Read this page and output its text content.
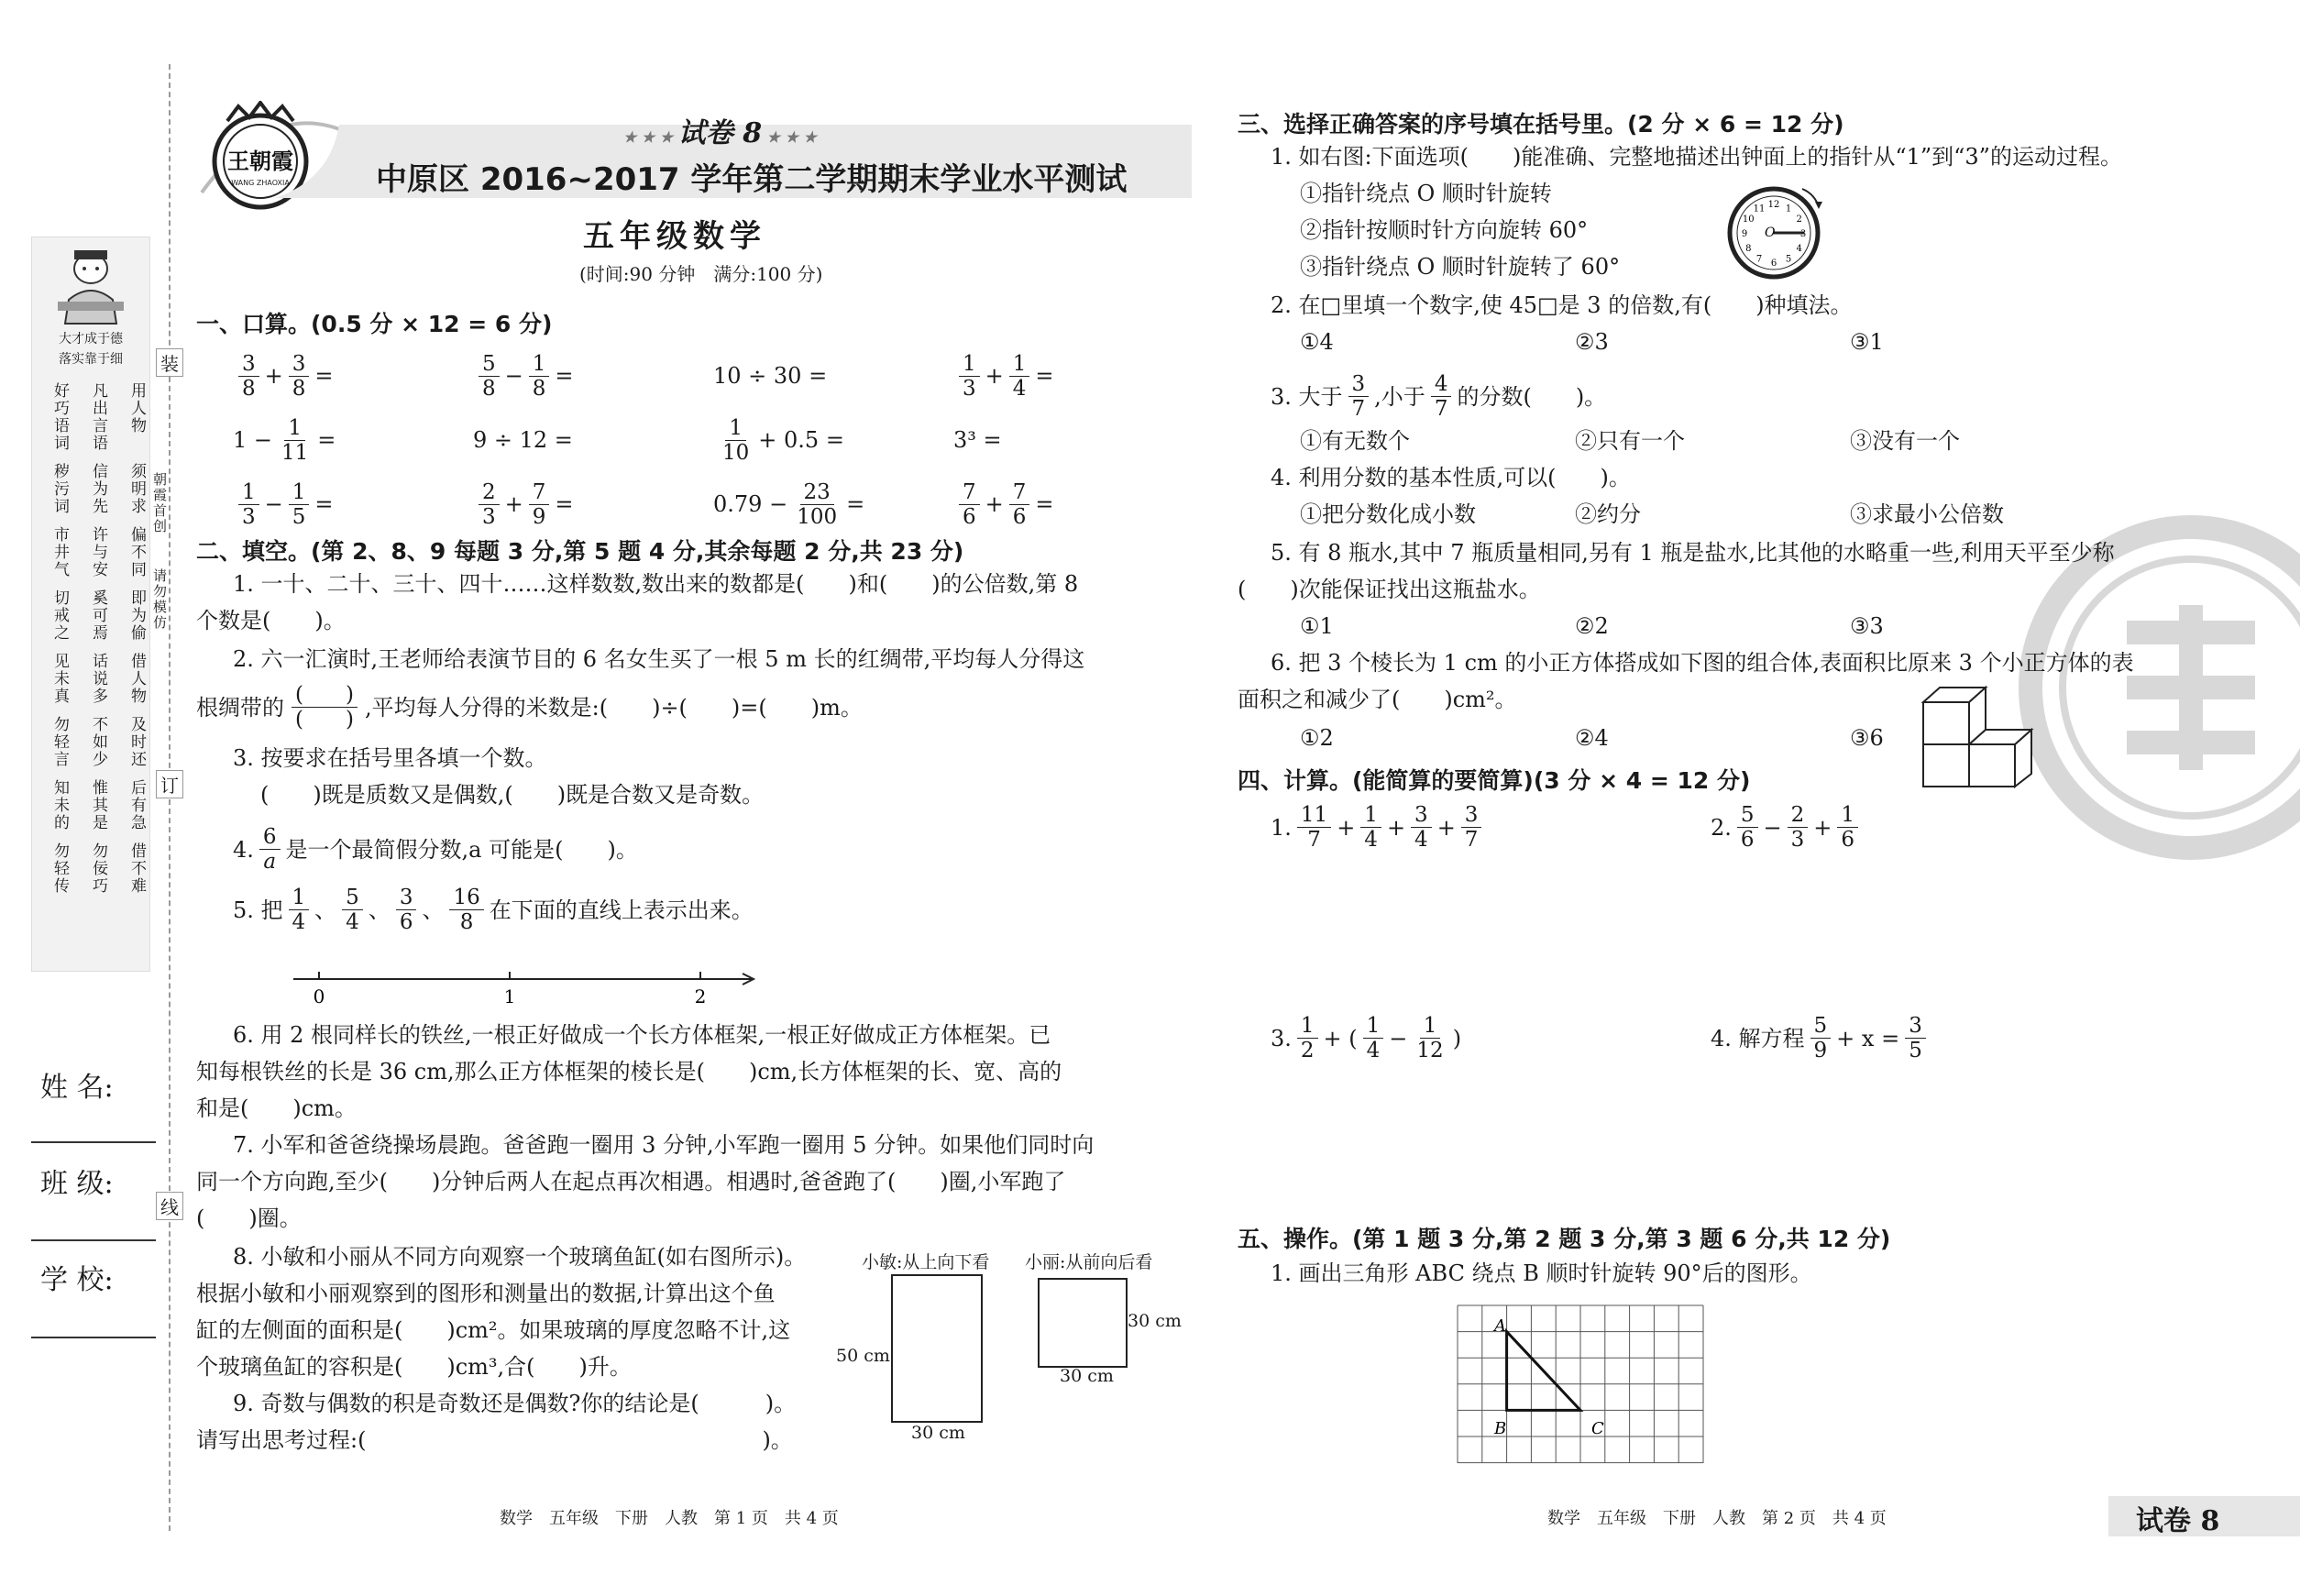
装
订
线
朝霞首创
请勿模仿
大才成于德
落实靠于细
好巧语词	凡出言语	用人物
秽污词	信为先	须明求
市井气	许与安	偏不同
切戒之	奚可焉	即为偷
见未真	话说多	借人物
勿轻言	不如少	及时还
知未的	惟其是	后有急
勿轻传	勿佞巧	借不难
姓 名:
班 级:
学 校:
王朝霞
WANG ZHAOXIA
★ ★ ★ 试卷 8 ★ ★ ★
中原区 2016~2017 学年第二学期期末学业水平测试
五年级数学
(时间:90 分钟　满分:100 分)
一、口算。(0.5 分 × 12 = 6 分)
$\frac{3}{8} + \frac{3}{8}$ =	$\frac{5}{8} - \frac{1}{8}$ =	10 ÷ 30 =	$\frac{1}{3} + \frac{1}{4}$ =
$1 - \frac{1}{11}$ =	9 ÷ 12 =	$\frac{1}{10} + 0.5$ =	3³ =
$\frac{1}{3} - \frac{1}{5}$ =	$\frac{2}{3} + \frac{7}{9}$ =	$0.79 - \frac{23}{100}$ =	$\frac{7}{6} + \frac{7}{6}$ =
二、填空。(第 2、8、9 每题 3 分,第 5 题 4 分,其余每题 2 分,共 23 分)
1. 一十、二十、三十、四十……这样数数,数出来的数都是(　　)和(　　)的公倍数,第 8
个数是(　　)。
2. 六一汇演时,王老师给表演节目的 6 名女生买了一根 5 m 长的红绸带,平均每人分得这
根绸带的 $\frac{( )}{( )}$ ,平均每人分得的米数是:(　　)÷(　　)=(　　)m。
3. 按要求在括号里各填一个数。
(　　)既是质数又是偶数,(　　)既是合数又是奇数。
4. $\frac{6}{a}$ 是一个最简假分数,a 可能是(　　)。
5. 把 $\frac{1}{4}$ 、 $\frac{5}{4}$ 、 $\frac{3}{6}$ 、 $\frac{16}{8}$ 在下面的直线上表示出来。
0	1	2
6. 用 2 根同样长的铁丝,一根正好做成一个长方体框架,一根正好做成正方体框架。已
知每根铁丝的长是 36 cm,那么正方体框架的棱长是(　　)cm,长方体框架的长、宽、高的
和是(　　)cm。
7. 小军和爸爸绕操场晨跑。爸爸跑一圈用 3 分钟,小军跑一圈用 5 分钟。如果他们同时向
同一个方向跑,至少(　　)分钟后两人在起点再次相遇。相遇时,爸爸跑了(　　)圈,小军跑了
(　　)圈。
8. 小敏和小丽从不同方向观察一个玻璃鱼缸(如右图所示)。
根据小敏和小丽观察到的图形和测量出的数据,计算出这个鱼
缸的左侧面的面积是(　　)cm²。如果玻璃的厚度忽略不计,这
个玻璃鱼缸的容积是(　　)cm³,合(　　)升。
9. 奇数与偶数的积是奇数还是偶数?你的结论是(　　　)。
请写出思考过程:(　　　　　　　　　　　　　　　　　　)。
小敏:从上向下看 小丽:从前向后看
50 cm
30 cm
30 cm
30 cm
数学　五年级　下册　人教　第 1 页　共 4 页
三、选择正确答案的序号填在括号里。(2 分 × 6 = 12 分)
1. 如右图:下面选项(　　)能准确、完整地描述出钟面上的指针从“1”到“3”的运动过程。
①指针绕点 O 顺时针旋转
②指针按顺时针方向旋转 60°
③指针绕点 O 顺时针旋转了 60°
1
2
3
4
5
6
7
8
9
10
11 12
O
2. 在□里填一个数字,使 45□是 3 的倍数,有(　　)种填法。
①4	②3	③1
3. 大于 $\frac{3}{7}$ ,小于 $\frac{4}{7}$ 的分数(　　)。
①有无数个	②只有一个	③没有一个
4. 利用分数的基本性质,可以(　　)。
①把分数化成小数	②约分	③求最小公倍数
5. 有 8 瓶水,其中 7 瓶质量相同,另有 1 瓶是盐水,比其他的水略重一些,利用天平至少称
(　　)次能保证找出这瓶盐水。
①1	②2	③3
6. 把 3 个棱长为 1 cm 的小正方体搭成如下图的组合体,表面积比原来 3 个小正方体的表
面积之和减少了(　　)cm²。
①2	②4	③6
四、计算。(能简算的要简算)(3 分 × 4 = 12 分)
1. $\frac{11}{7} + \frac{1}{4} + \frac{3}{4} + \frac{3}{7}$	2. $\frac{5}{6} - \frac{2}{3} + \frac{1}{6}$
3. $\frac{1}{2}$ + ( $\frac{1}{4} - \frac{1}{12}$ )	4. 解方程 $\frac{5}{9} + x = \frac{3}{5}$
五、操作。(第 1 题 3 分,第 2 题 3 分,第 3 题 6 分,共 12 分)
1. 画出三角形 ABC 绕点 B 顺时针旋转 90°后的图形。
A
B	C
数学　五年级　下册　人教　第 2 页　共 4 页	试卷 8
